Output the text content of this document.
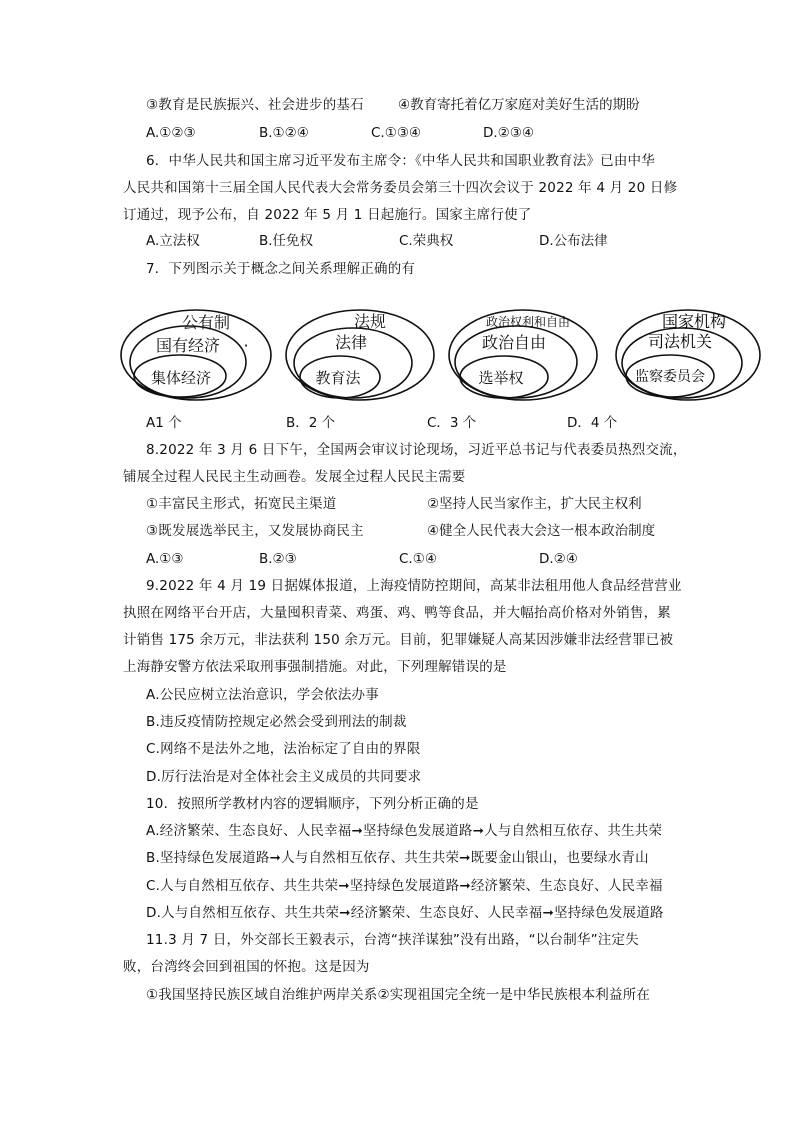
③教育是民族振兴、社会进步的基石	④教育寄托着亿万家庭对美好生活的期盼
A.①②③	B.①②④	C.①③④	D.②③④
6．中华人民共和国主席习近平发布主席令：《中华人民共和国职业教育法》已由中华
人民共和国第十三届全国人民代表大会常务委员会第三十四次会议于 2022 年 4 月 20 日修
订通过，现予公布，自 2022 年 5 月 1 日起施行。国家主席行使了
A.立法权	B.任免权	C.荣典权	D.公布法律
7．下列图示关于概念之间关系理解正确的有
公有制
国有经济
集体经济
·
法规
法律
教育法
政治权利和自由
政治自由
选举权
国家机构
司法机关
监察委员会
A1 个	B．2 个	C．3 个	D．4 个
8.2022 年 3 月 6 日下午，全国两会审议讨论现场，习近平总书记与代表委员热烈交流，
铺展全过程人民民主生动画卷。发展全过程人民民主需要
①丰富民主形式，拓宽民主渠道	②坚持人民当家作主，扩大民主权利
③既发展选举民主，又发展协商民主	④健全人民代表大会这一根本政治制度
A.①③	B.②③	C.①④	D.②④
9.2022 年 4 月 19 日据媒体报道，上海疫情防控期间，高某非法租用他人食品经营营业
执照在网络平台开店，大量囤积青菜、鸡蛋、鸡、鸭等食品，并大幅抬高价格对外销售，累
计销售 175 余万元，非法获利 150 余万元。目前，犯罪嫌疑人高某因涉嫌非法经营罪已被
上海静安警方依法采取刑事强制措施。对此，下列理解错误的是
A.公民应树立法治意识，学会依法办事
B.违反疫情防控规定必然会受到刑法的制裁
C.网络不是法外之地，法治标定了自由的界限
D.厉行法治是对全体社会主义成员的共同要求
10．按照所学教材内容的逻辑顺序，下列分析正确的是
A.经济繁荣、生态良好、人民幸福➞坚持绿色发展道路➞人与自然相互依存、共生共荣
B.坚持绿色发展道路➞人与自然相互依存、共生共荣➞既要金山银山，也要绿水青山
C.人与自然相互依存、共生共荣➞坚持绿色发展道路➞经济繁荣、生态良好、人民幸福
D.人与自然相互依存、共生共荣➞经济繁荣、生态良好、人民幸福➞坚持绿色发展道路
11.3 月 7 日，外交部长王毅表示，台湾“挟洋谋独”没有出路，“以台制华”注定失
败，台湾终会回到祖国的怀抱。这是因为
①我国坚持民族区域自治维护两岸关系②实现祖国完全统一是中华民族根本利益所在
